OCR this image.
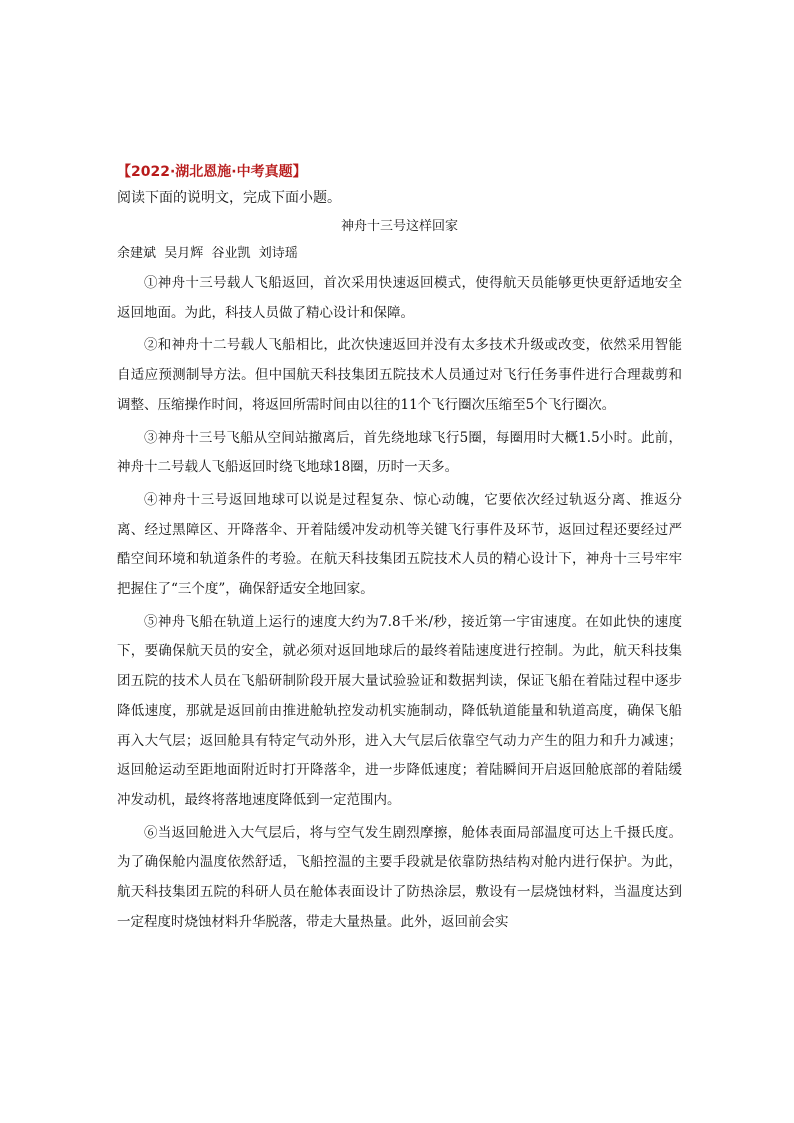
【2022·湖北恩施·中考真题】
阅读下面的说明文，完成下面小题。
神舟十三号这样回家
余建斌  吴月辉  谷业凯  刘诗瑶

①神舟十三号载人飞船返回，首次采用快速返回模式，使得航天员能够更快更舒适地安全返回地面。为此，科技人员做了精心设计和保障。

②和神舟十二号载人飞船相比，此次快速返回并没有太多技术升级或改变，依然采用智能自适应预测制导方法。但中国航天科技集团五院技术人员通过对飞行任务事件进行合理裁剪和调整、压缩操作时间，将返回所需时间由以往的11个飞行圈次压缩至5个飞行圈次。

③神舟十三号飞船从空间站撤离后，首先绕地球飞行5圈，每圈用时大概1.5小时。此前，神舟十二号载人飞船返回时绕飞地球18圈，历时一天多。

④神舟十三号返回地球可以说是过程复杂、惊心动魄，它要依次经过轨返分离、推返分离、经过黑障区、开降落伞、开着陆缓冲发动机等关键飞行事件及环节，返回过程还要经过严酷空间环境和轨道条件的考验。在航天科技集团五院技术人员的精心设计下，神舟十三号牢牢把握住了“三个度”，确保舒适安全地回家。

⑤神舟飞船在轨道上运行的速度大约为7.8千米/秒，接近第一宇宙速度。在如此快的速度下，要确保航天员的安全，就必须对返回地球后的最终着陆速度进行控制。为此，航天科技集团五院的技术人员在飞船研制阶段开展大量试验验证和数据判读，保证飞船在着陆过程中逐步降低速度，那就是返回前由推进舱轨控发动机实施制动，降低轨道能量和轨道高度，确保飞船再入大气层；返回舱具有特定气动外形，进入大气层后依靠空气动力产生的阻力和升力减速；返回舱运动至距地面附近时打开降落伞，进一步降低速度；着陆瞬间开启返回舱底部的着陆缓冲发动机，最终将落地速度降低到一定范围内。

⑥当返回舱进入大气层后，将与空气发生剧烈摩擦，舱体表面局部温度可达上千摄氏度。为了确保舱内温度依然舒适，飞船控温的主要手段就是依靠防热结构对舱内进行保护。为此，航天科技集团五院的科研人员在舱体表面设计了防热涂层，敷设有一层烧蚀材料，当温度达到一定程度时烧蚀材料升华脱落，带走大量热量。此外，返回前会实
